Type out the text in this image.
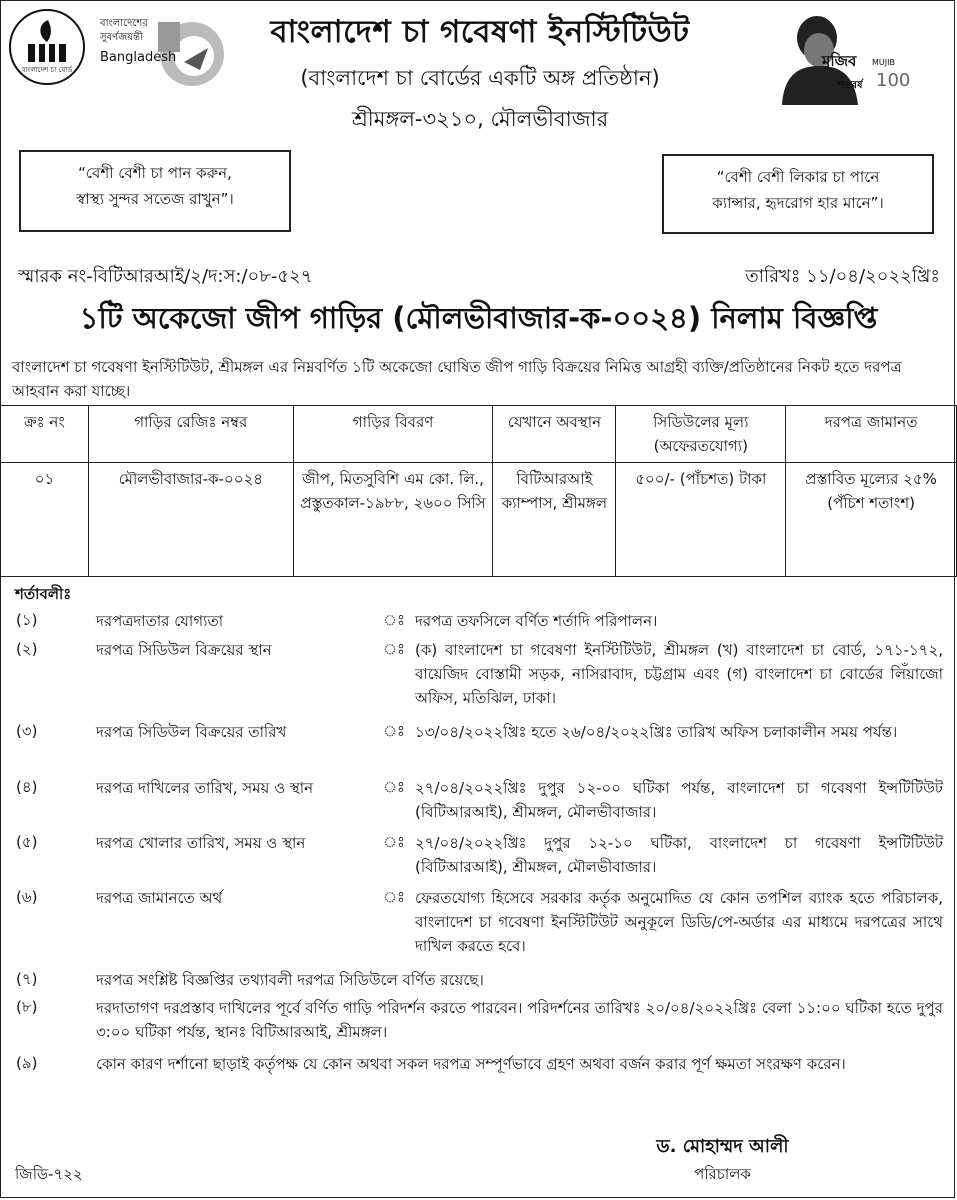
বাংলাদেশ চা বোর্ড
বাংলাদেশের
সুবর্ণজয়ন্তী
Bangladesh
বাংলাদেশ চা গবেষণা ইনস্টিটিউট
(বাংলাদেশ চা বোর্ডের একটি অঙ্গ প্রতিষ্ঠান)
শ্রীমঙ্গল-৩২১০, মৌলভীবাজার
মুজিব MUJIB
শতবর্ষ 100
“বেশী বেশী চা পান করুন,
স্বাস্থ্য সুন্দর সতেজ রাখুন”।
“বেশী বেশী লিকার চা পানে
ক্যান্সার, হৃদরোগ হার মানে”।
স্মারক নং-বিটিআরআই/২/দ:স:/০৮-৫২৭	তারিখঃ ১১/০৪/২০২২খ্রিঃ
১টি অকেজো জীপ গাড়ির (মৌলভীবাজার-ক-০০২৪) নিলাম বিজ্ঞপ্তি
বাংলাদেশ চা গবেষণা ইনস্টিটিউট, শ্রীমঙ্গল এর নিম্নবর্ণিত ১টি অকেজো ঘোষিত জীপ গাড়ি বিক্রয়ের নিমিত্ত আগ্রহী ব্যক্তি/প্রতিষ্ঠানের নিকট হতে দরপত্র আহবান করা যাচ্ছে।
ক্রঃ নং	গাড়ির রেজিঃ নম্বর	গাড়ির বিবরণ	যেখানে অবস্থান	সিডিউলের মূল্য (অফেরতযোগ্য)	দরপত্র জামানত
০১	মৌলভীবাজার-ক-০০২৪	জীপ, মিতসুবিশি এম কো. লি., প্রস্তুতকাল-১৯৮৮, ২৬০০ সিসি	বিটিআরআই ক্যাম্পাস, শ্রীমঙ্গল	৫০০/- (পাঁচশত) টাকা	প্রস্তাবিত মূল্যের ২৫% (পঁচিশ শতাংশ)
শর্তাবলীঃ
(১)	দরপত্রদাতার যোগ্যতা	ঃ দরপত্র তফসিলে বর্ণিত শর্তাদি পরিপালন।
(২)	দরপত্র সিডিউল বিক্রয়ের স্থান	ঃ (ক) বাংলাদেশ চা গবেষণা ইনস্টিটিউট, শ্রীমঙ্গল (খ) বাংলাদেশ চা বোর্ড, ১৭১-১৭২, বায়েজিদ বোস্তামী সড়ক, নাসিরাবাদ, চট্টগ্রাম এবং (গ) বাংলাদেশ চা বোর্ডের লিঁয়াজো অফিস, মতিঝিল, ঢাকা।
(৩)	দরপত্র সিডিউল বিক্রয়ের তারিখ	ঃ ১৩/০৪/২০২২খ্রিঃ হতে ২৬/০৪/২০২২খ্রিঃ তারিখ অফিস চলাকালীন সময় পর্যন্ত।
(৪)	দরপত্র দাখিলের তারিখ, সময় ও স্থান	ঃ ২৭/০৪/২০২২খ্রিঃ দুপুর ১২-০০ ঘটিকা পর্যন্ত, বাংলাদেশ চা গবেষণা ইন্সটিটিউট (বিটিআরআই), শ্রীমঙ্গল, মৌলভীবাজার।
(৫)	দরপত্র খোলার তারিখ, সময় ও স্থান	ঃ ২৭/০৪/২০২২খ্রিঃ দুপুর ১২-১০ ঘটিকা, বাংলাদেশ চা গবেষণা ইন্সটিটিউট (বিটিআরআই), শ্রীমঙ্গল, মৌলভীবাজার।
(৬)	দরপত্র জামানতে অর্থ	ঃ ফেরতযোগ্য হিসেবে সরকার কর্তৃক অনুমোদিত যে কোন তপশিল ব্যাংক হতে পরিচালক, বাংলাদেশ চা গবেষণা ইনস্টিটিউট অনুকূলে ডিডি/পে-অর্ডার এর মাধ্যমে দরপত্রের সাথে দাখিল করতে হবে।
(৭)	দরপত্র সংশ্লিষ্ট বিজ্ঞপ্তির তথ্যাবলী দরপত্র সিডিউলে বর্ণিত রয়েছে।
(৮)	দরদাতাগণ দরপ্রস্তাব দাখিলের পূর্বে বর্ণিত গাড়ি পরিদর্শন করতে পারবেন। পরিদর্শনের তারিখঃ ২০/০৪/২০২২খ্রিঃ বেলা ১১:০০ ঘটিকা হতে দুপুর ৩:০০ ঘটিকা পর্যন্ত, স্থানঃ বিটিআরআই, শ্রীমঙ্গল।
(৯)	কোন কারণ দর্শানো ছাড়াই কর্তৃপক্ষ যে কোন অথবা সকল দরপত্র সম্পূর্ণভাবে গ্রহণ অথবা বর্জন করার পূর্ণ ক্ষমতা সংরক্ষণ করেন।
ড. মোহাম্মদ আলী
পরিচালক
জিডি-৭২২
